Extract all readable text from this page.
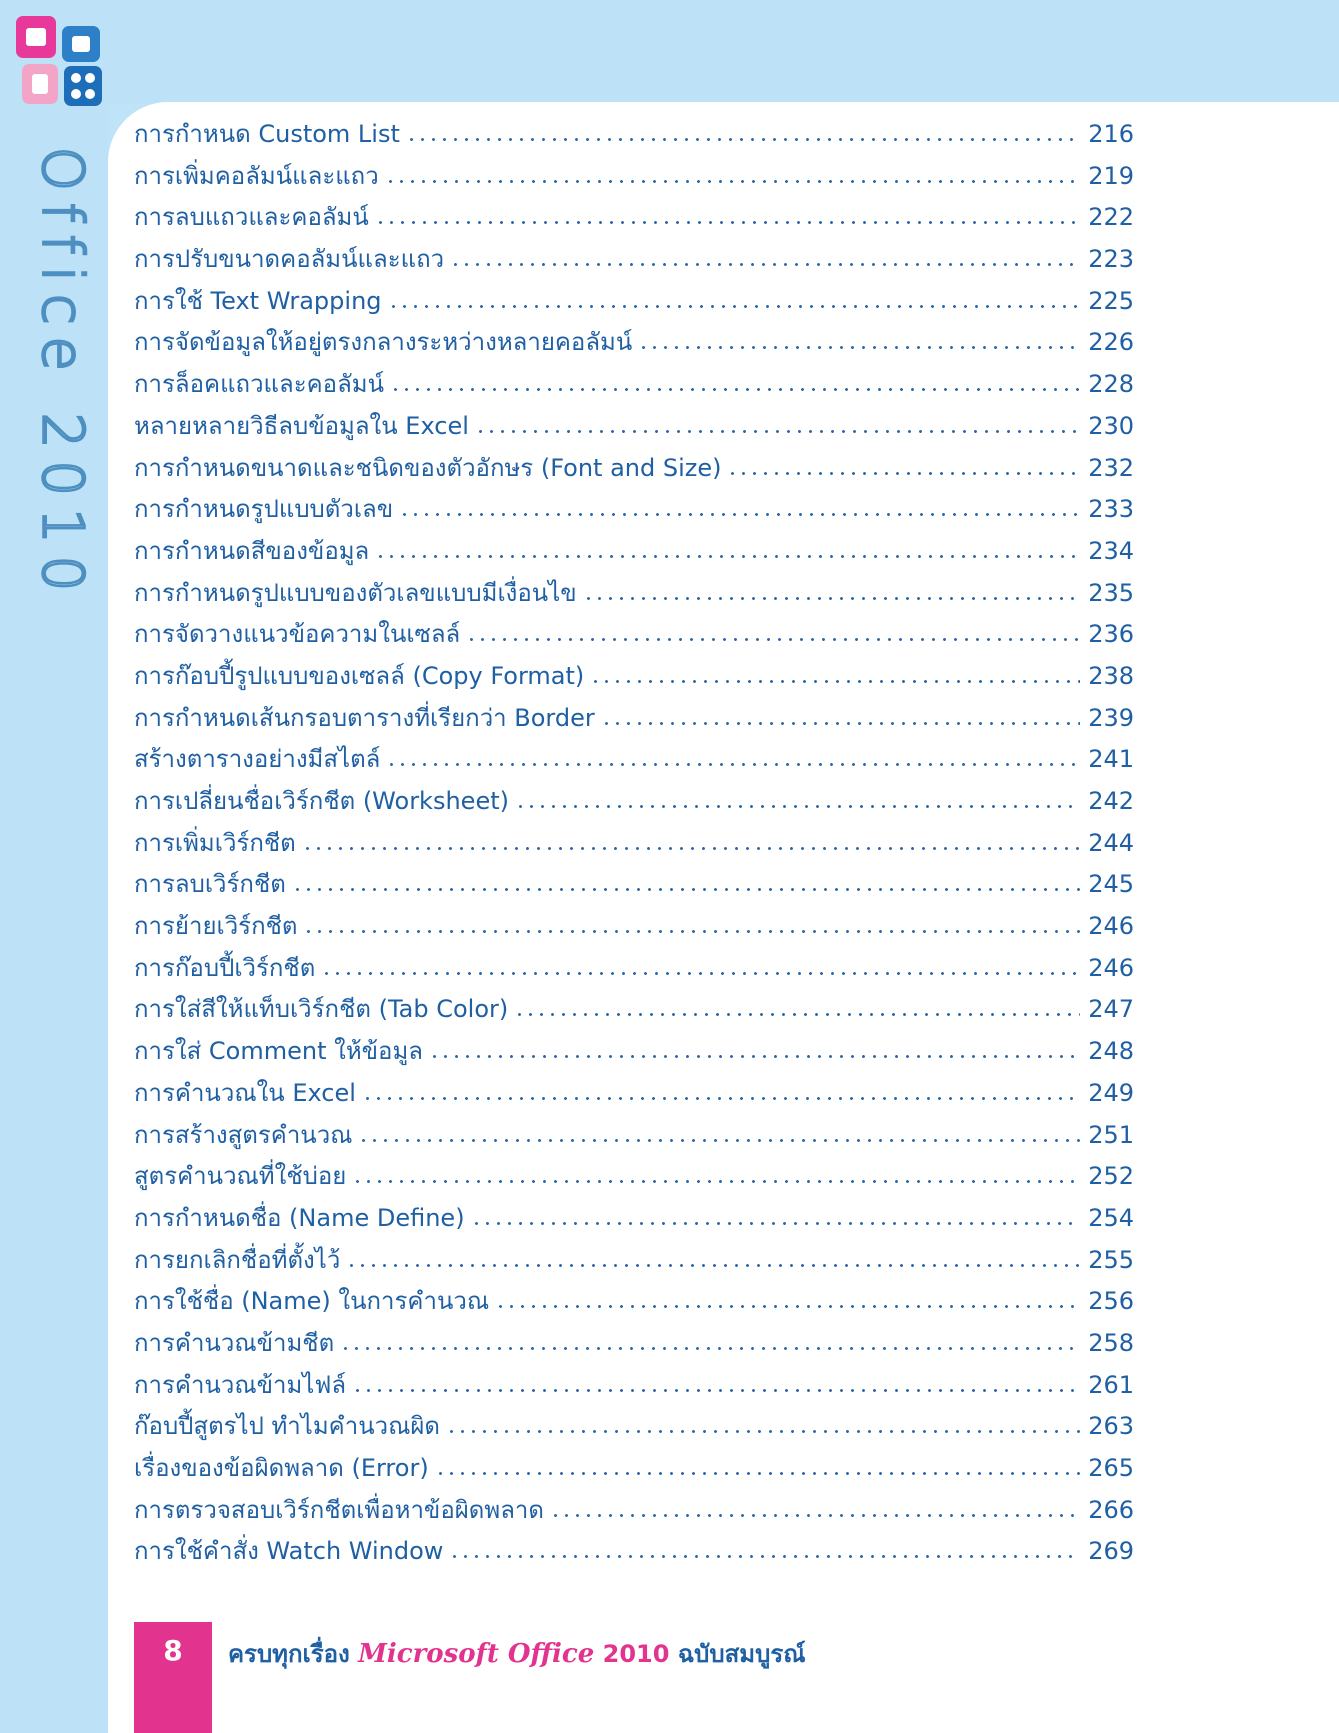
Office 2010
การกำหนด Custom List	216
การเพิ่มคอลัมน์และแถว	219
การลบแถวและคอลัมน์	222
การปรับขนาดคอลัมน์และแถว	223
การใช้ Text Wrapping	225
การจัดข้อมูลให้อยู่ตรงกลางระหว่างหลายคอลัมน์	226
การล็อคแถวและคอลัมน์	228
หลายหลายวิธีลบข้อมูลใน Excel	230
การกำหนดขนาดและชนิดของตัวอักษร (Font and Size)	232
การกำหนดรูปแบบตัวเลข	233
การกำหนดสีของข้อมูล	234
การกำหนดรูปแบบของตัวเลขแบบมีเงื่อนไข	235
การจัดวางแนวข้อความในเซลล์	236
การก๊อบปี้รูปแบบของเซลล์ (Copy Format)	238
การกำหนดเส้นกรอบตารางที่เรียกว่า Border	239
สร้างตารางอย่างมีสไตล์	241
การเปลี่ยนชื่อเวิร์กชีต (Worksheet)	242
การเพิ่มเวิร์กชีต	244
การลบเวิร์กชีต	245
การย้ายเวิร์กชีต	246
การก๊อบปี้เวิร์กชีต	246
การใส่สีให้แท็บเวิร์กชีต (Tab Color)	247
การใส่ Comment ให้ข้อมูล	248
การคำนวณใน Excel	249
การสร้างสูตรคำนวณ	251
สูตรคำนวณที่ใช้บ่อย	252
การกำหนดชื่อ (Name Define)	254
การยกเลิกชื่อที่ตั้งไว้	255
การใช้ชื่อ (Name) ในการคำนวณ	256
การคำนวณข้ามชีต	258
การคำนวณข้ามไฟล์	261
ก๊อบปี้สูตรไป ทำไมคำนวณผิด	263
เรื่องของข้อผิดพลาด (Error)	265
การตรวจสอบเวิร์กชีตเพื่อหาข้อผิดพลาด	266
การใช้คำสั่ง Watch Window	269
8	ครบทุกเรื่อง Microsoft Office 2010 ฉบับสมบูรณ์
